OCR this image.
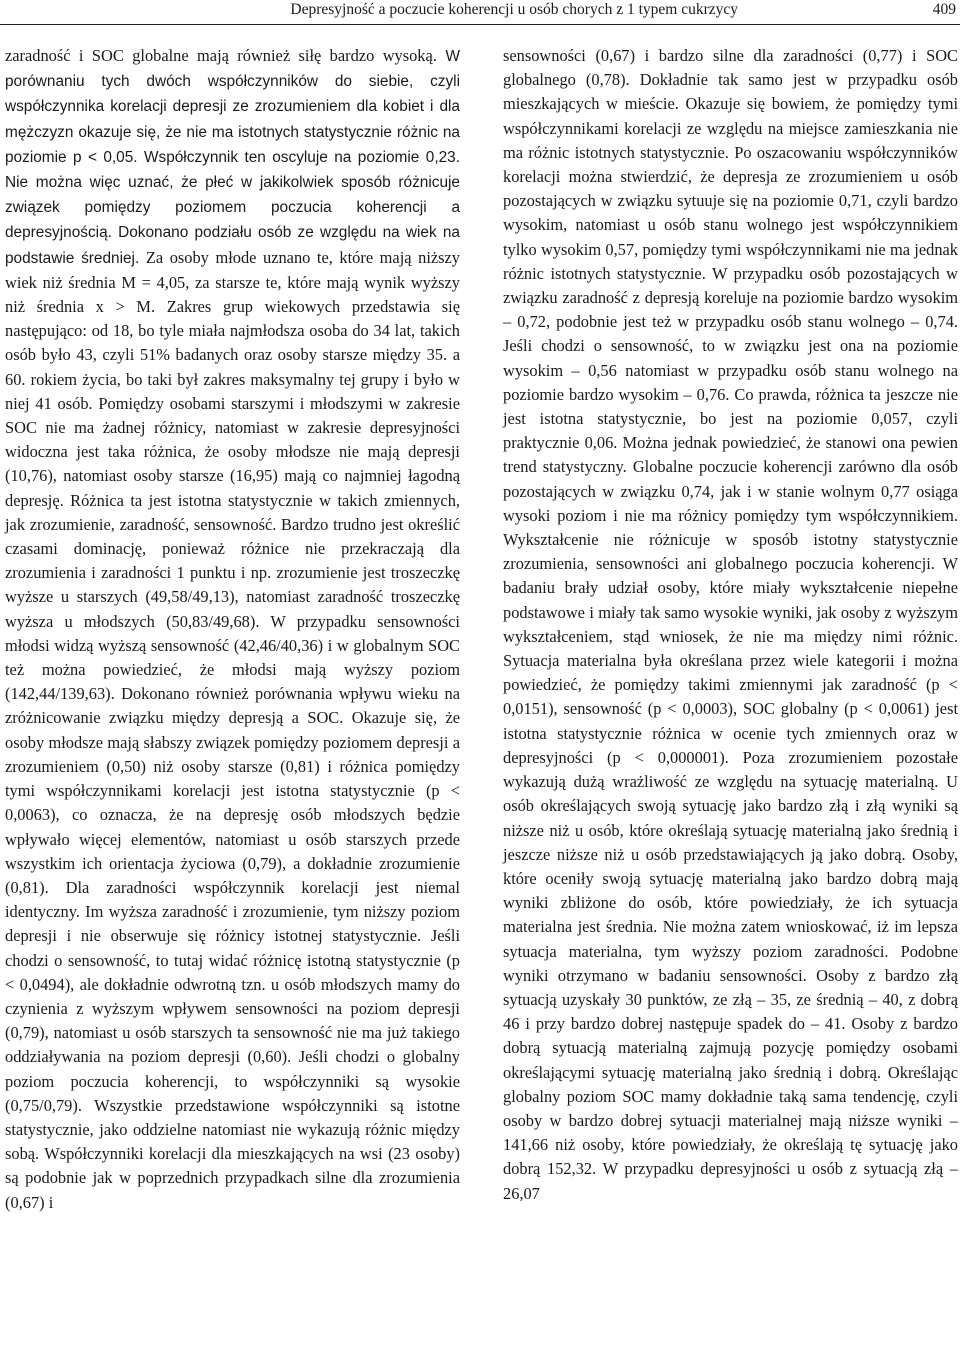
Depresyjność a poczucie koherencji u osób chorych z 1 typem cukrzycy	409

zaradność i SOC globalne mają również siłę bardzo wysoką. W porównaniu tych dwóch współczynników do siebie, czyli współczynnika korelacji depresji ze zrozumieniem dla kobiet i dla mężczyzn okazuje się, że nie ma istotnych statystycznie różnic na poziomie p < 0,05. Współczynnik ten oscyluje na poziomie 0,23. Nie można więc uznać, że płeć w jakikolwiek sposób różnicuje związek pomiędzy poziomem poczucia koherencji a depresyjnością. Dokonano podziału osób ze względu na wiek na podstawie średniej. Za osoby młode uznano te, które mają niższy wiek niż średnia M = 4,05, za starsze te, które mają wynik wyższy niż średnia x > M. Zakres grup wiekowych przedstawia się następująco: od 18, bo tyle miała najmłodsza osoba do 34 lat, takich osób było 43, czyli 51% badanych oraz osoby starsze między 35. a 60. rokiem życia, bo taki był zakres maksymalny tej grupy i było w niej 41 osób. Pomiędzy osobami starszymi i młodszymi w zakresie SOC nie ma żadnej różnicy, natomiast w zakresie depresyjności widoczna jest taka różnica, że osoby młodsze nie mają depresji (10,76), natomiast osoby starsze (16,95) mają co najmniej łagodną depresję. Różnica ta jest istotna statystycznie w takich zmiennych, jak zrozumienie, zaradność, sensowność. Bardzo trudno jest określić czasami dominację, ponieważ różnice nie przekraczają dla zrozumienia i zaradności 1 punktu i np. zrozumienie jest troszeczkę wyższe u starszych (49,58/49,13), natomiast zaradność troszeczkę wyższa u młodszych (50,83/49,68). W przypadku sensowności młodsi widzą wyższą sensowność (42,46/40,36) i w globalnym SOC też można powiedzieć, że młodsi mają wyższy poziom (142,44/139,63). Dokonano również porównania wpływu wieku na zróżnicowanie związku między depresją a SOC. Okazuje się, że osoby młodsze mają słabszy związek pomiędzy poziomem depresji a zrozumieniem (0,50) niż osoby starsze (0,81) i różnica pomiędzy tymi współczynnikami korelacji jest istotna statystycznie (p < 0,0063), co oznacza, że na depresję osób młodszych będzie wpływało więcej elementów, natomiast u osób starszych przede wszystkim ich orientacja życiowa (0,79), a dokładnie zrozumienie (0,81). Dla zaradności współczynnik korelacji jest niemal identyczny. Im wyższa zaradność i zrozumienie, tym niższy poziom depresji i nie obserwuje się różnicy istotnej statystycznie. Jeśli chodzi o sensowność, to tutaj widać różnicę istotną statystycznie (p < 0,0494), ale dokładnie odwrotną tzn. u osób młodszych mamy do czynienia z wyższym wpływem sensowności na poziom depresji (0,79), natomiast u osób starszych ta sensowność nie ma już takiego oddziaływania na poziom depresji (0,60). Jeśli chodzi o globalny poziom poczucia koherencji, to współczynniki są wysokie (0,75/0,79). Wszystkie przedstawione współczynniki są istotne statystycznie, jako oddzielne natomiast nie wykazują różnic między sobą. Współczynniki korelacji dla mieszkających na wsi (23 osoby) są podobnie jak w poprzednich przypadkach silne dla zrozumienia (0,67) i

sensowności (0,67) i bardzo silne dla zaradności (0,77) i SOC globalnego (0,78). Dokładnie tak samo jest w przypadku osób mieszkających w mieście. Okazuje się bowiem, że pomiędzy tymi współczynnikami korelacji ze względu na miejsce zamieszkania nie ma różnic istotnych statystycznie. Po oszacowaniu współczynników korelacji można stwierdzić, że depresja ze zrozumieniem u osób pozostających w związku sytuuje się na poziomie 0,71, czyli bardzo wysokim, natomiast u osób stanu wolnego jest współczynnikiem tylko wysokim 0,57, pomiędzy tymi współczynnikami nie ma jednak różnic istotnych statystycznie. W przypadku osób pozostających w związku zaradność z depresją koreluje na poziomie bardzo wysokim – 0,72, podobnie jest też w przypadku osób stanu wolnego – 0,74. Jeśli chodzi o sensowność, to w związku jest ona na poziomie wysokim – 0,56 natomiast w przypadku osób stanu wolnego na poziomie bardzo wysokim – 0,76. Co prawda, różnica ta jeszcze nie jest istotna statystycznie, bo jest na poziomie 0,057, czyli praktycznie 0,06. Można jednak powiedzieć, że stanowi ona pewien trend statystyczny. Globalne poczucie koherencji zarówno dla osób pozostających w związku 0,74, jak i w stanie wolnym 0,77 osiąga wysoki poziom i nie ma różnicy pomiędzy tym współczynnikiem. Wykształcenie nie różnicuje w sposób istotny statystycznie zrozumienia, sensowności ani globalnego poczucia koherencji. W badaniu brały udział osoby, które miały wykształcenie niepełne podstawowe i miały tak samo wysokie wyniki, jak osoby z wyższym wykształceniem, stąd wniosek, że nie ma między nimi różnic. Sytuacja materialna była określana przez wiele kategorii i można powiedzieć, że pomiędzy takimi zmiennymi jak zaradność (p < 0,0151), sensowność (p < 0,0003), SOC globalny (p < 0,0061) jest istotna statystycznie różnica w ocenie tych zmiennych oraz w depresyjności (p < 0,000001). Poza zrozumieniem pozostałe wykazują dużą wrażliwość ze względu na sytuację materialną. U osób określających swoją sytuację jako bardzo złą i złą wyniki są niższe niż u osób, które określają sytuację materialną jako średnią i jeszcze niższe niż u osób przedstawiających ją jako dobrą. Osoby, które oceniły swoją sytuację materialną jako bardzo dobrą mają wyniki zbliżone do osób, które powiedziały, że ich sytuacja materialna jest średnia. Nie można zatem wnioskować, iż im lepsza sytuacja materialna, tym wyższy poziom zaradności. Podobne wyniki otrzymano w badaniu sensowności. Osoby z bardzo złą sytuacją uzyskały 30 punktów, ze złą – 35, ze średnią – 40, z dobrą 46 i przy bardzo dobrej następuje spadek do – 41. Osoby z bardzo dobrą sytuacją materialną zajmują pozycję pomiędzy osobami określającymi sytuację materialną jako średnią i dobrą. Określając globalny poziom SOC mamy dokładnie taką sama tendencję, czyli osoby w bardzo dobrej sytuacji materialnej mają niższe wyniki – 141,66 niż osoby, które powiedziały, że określają tę sytuację jako dobrą 152,32. W przypadku depresyjności u osób z sytuacją złą – 26,07
